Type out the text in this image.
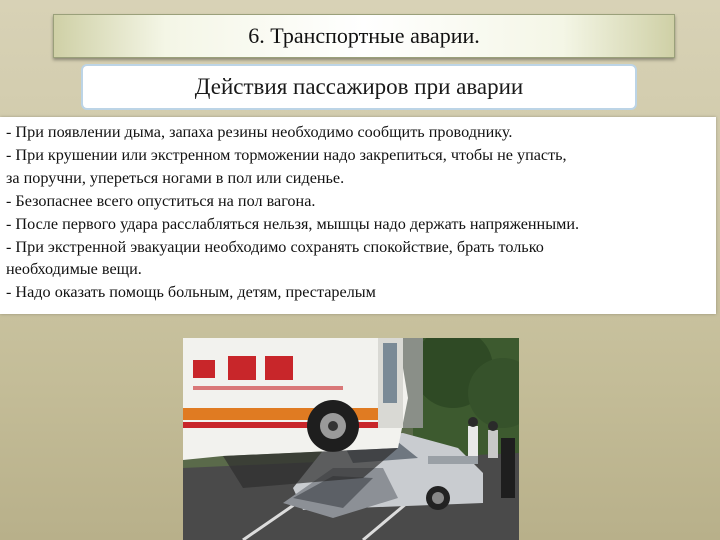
6. Транспортные аварии.
Действия пассажиров при аварии

- При появлении дыма, запаха резины необходимо сообщить проводнику.

- При крушении или экстренном торможении надо закрепиться, чтобы не упасть,

за поручни, упереться ногами в пол или сиденье.

- Безопаснее всего опуститься на пол вагона.

- После первого удара расслабляться нельзя, мышцы надо держать напряженными.

- При экстренной эвакуации необходимо сохранять спокойствие, брать только

необходимые вещи.

- Надо оказать помощь больным, детям, престарелым
